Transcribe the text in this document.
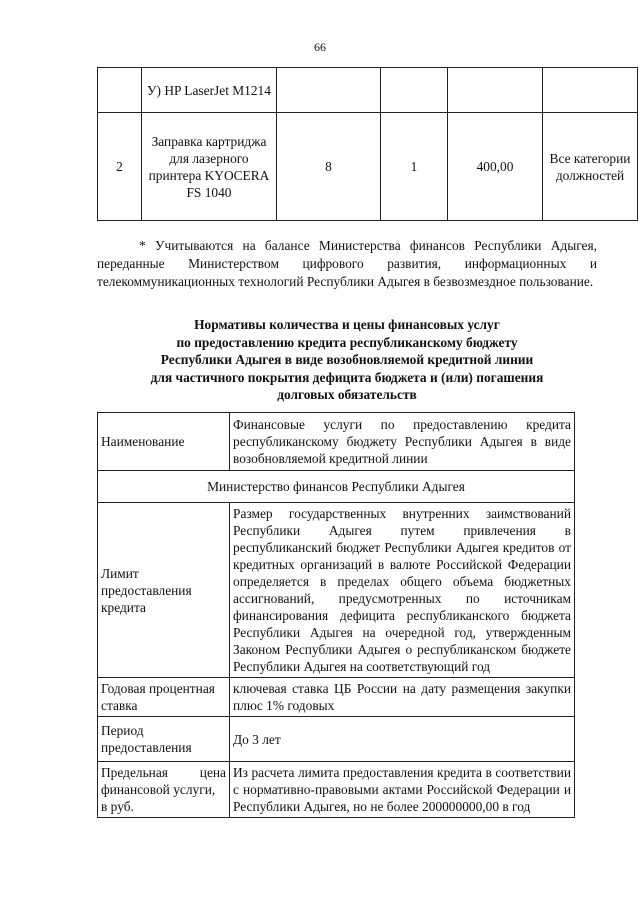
66
	У) HP LaserJet M1214				
2	Заправка картриджа для лазерного принтера KYOCERA FS 1040	8	1	400,00	Все категории должностей

* Учитываются на балансе Министерства финансов Республики Адыгея, переданные Министерством цифрового развития, информационных и телекоммуникационных технологий Республики Адыгея в безвозмездное пользование.

Нормативы количества и цены финансовых услуг
по предоставлению кредита республиканскому бюджету
Республики Адыгея в виде возобновляемой кредитной линии
для частичного покрытия дефицита бюджета и (или) погашения
долговых обязательств
Наименование	Финансовые услуги по предоставлению кредита республиканскому бюджету Республики Адыгея в виде возобновляемой кредитной линии
Министерство финансов Республики Адыгея	
Лимит предоставления кредита	Размер государственных внутренних заимствований Республики Адыгея путем привлечения в республиканский бюджет Республики Адыгея кредитов от кредитных организаций в валюте Российской Федерации определяется в пределах общего объема бюджетных ассигнований, предусмотренных по источникам финансирования дефицита республиканского бюджета Республики Адыгея на очередной год, утвержденным Законом Республики Адыгея о республиканском бюджете Республики Адыгея на соответствующий год
Годовая процентная ставка	ключевая ставка ЦБ России на дату размещения закупки плюс 1% годовых
Период предоставления	До 3 лет

Предельная цена
финансовой услуги,
в руб.	Из расчета лимита предоставления кредита в соответствии с нормативно-правовыми актами Российской Федерации и Республики Адыгея, но не более 200000000,00 в год
